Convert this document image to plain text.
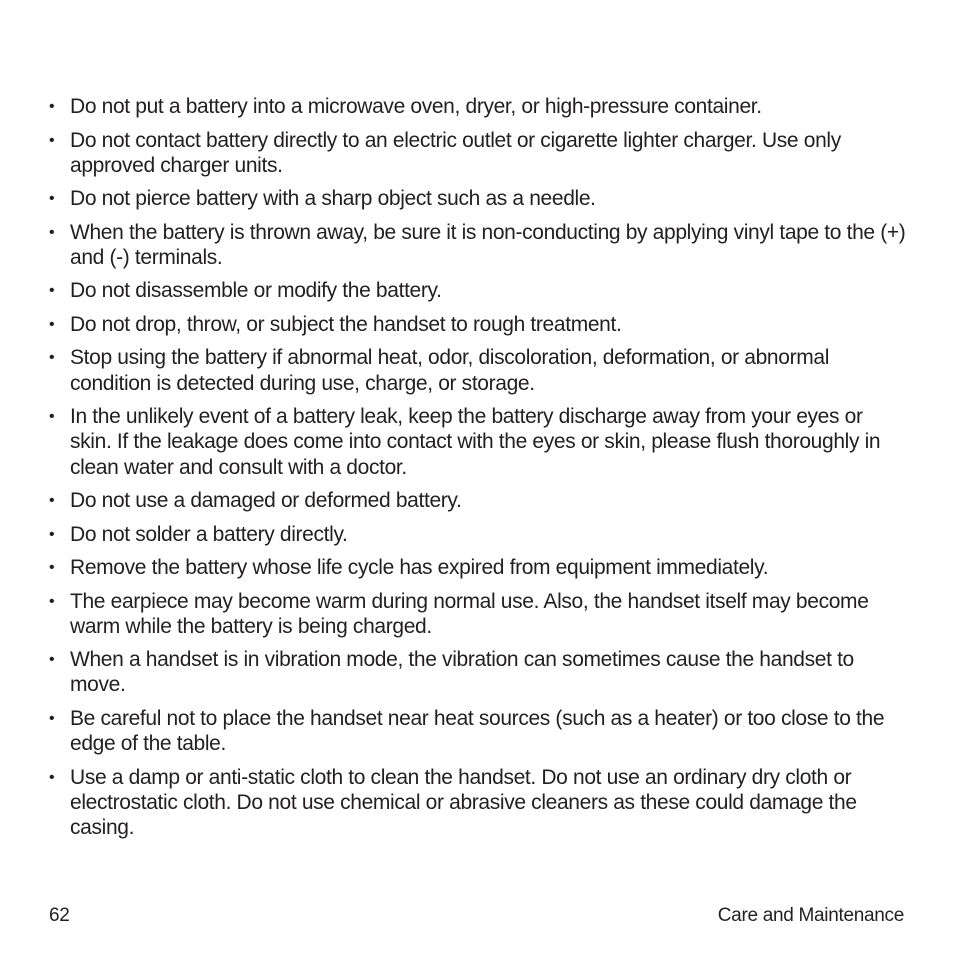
• Do not put a battery into a microwave oven, dryer, or high-pressure container.
• Do not contact battery directly to an electric outlet or cigarette lighter charger. Use only approved charger units.
• Do not pierce battery with a sharp object such as a needle.
• When the battery is thrown away, be sure it is non-conducting by applying vinyl tape to the (+) and (-) terminals.
• Do not disassemble or modify the battery.
• Do not drop, throw, or subject the handset to rough treatment.
• Stop using the battery if abnormal heat, odor, discoloration, deformation, or abnormal condition is detected during use, charge, or storage.
• In the unlikely event of a battery leak, keep the battery discharge away from your eyes or skin. If the leakage does come into contact with the eyes or skin, please flush thoroughly in clean water and consult with a doctor.
• Do not use a damaged or deformed battery.
• Do not solder a battery directly.
• Remove the battery whose life cycle has expired from equipment immediately.
• The earpiece may become warm during normal use. Also, the handset itself may become warm while the battery is being charged.
• When a handset is in vibration mode, the vibration can sometimes cause the handset to move.
• Be careful not to place the handset near heat sources (such as a heater) or too close to the edge of the table.
• Use a damp or anti-static cloth to clean the handset. Do not use an ordinary dry cloth or electrostatic cloth. Do not use chemical or abrasive cleaners as these could damage the casing.
62	Care and Maintenance
